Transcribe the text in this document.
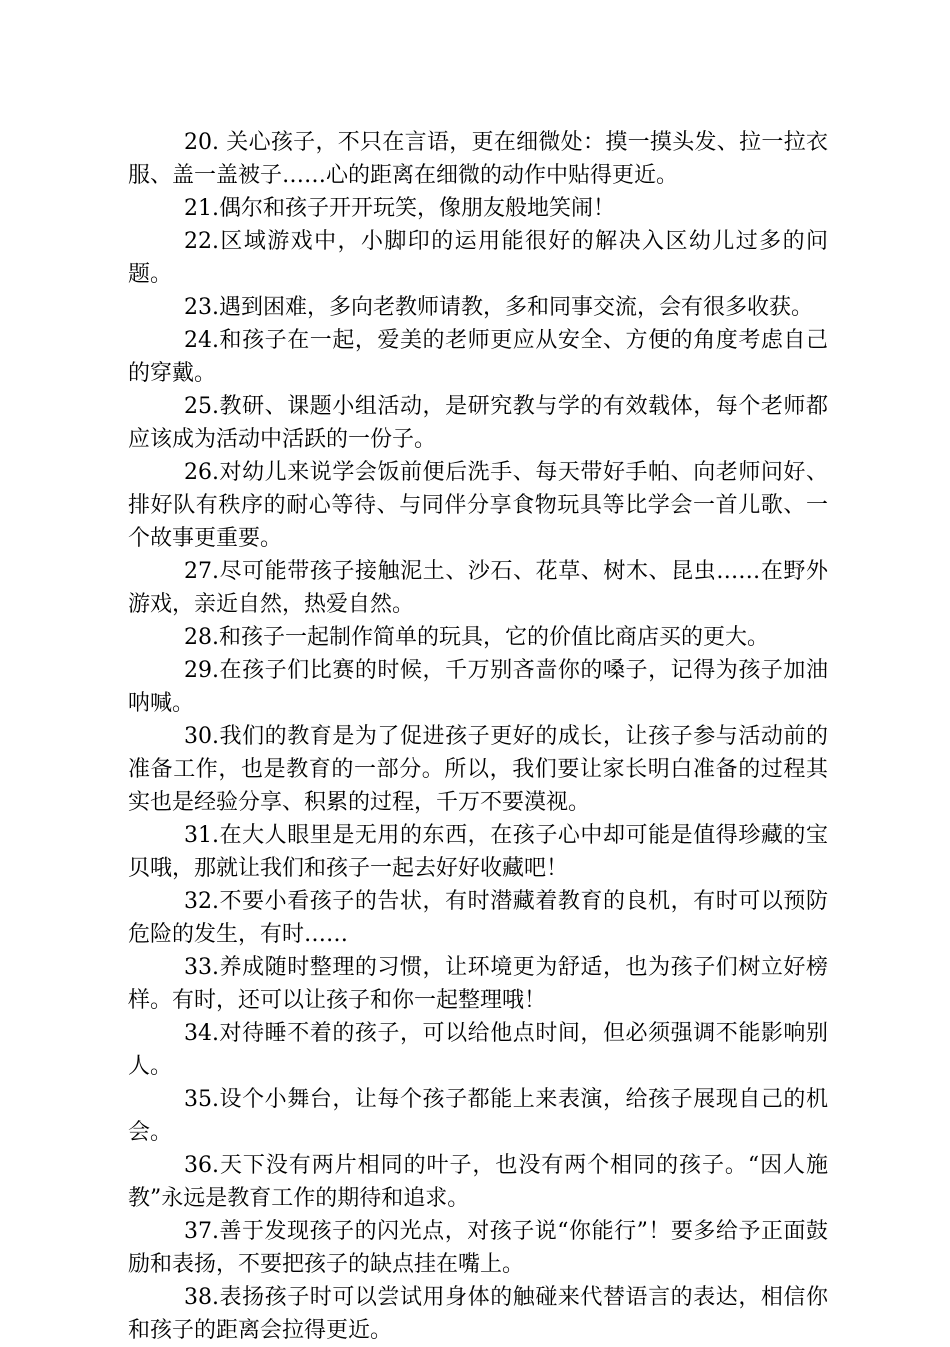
20. 关心孩子，不只在言语，更在细微处：摸一摸头发、拉一拉衣服、盖一盖被子……心的距离在细微的动作中贴得更近。

21.偶尔和孩子开开玩笑，像朋友般地笑闹！

22.区域游戏中，小脚印的运用能很好的解决入区幼儿过多的问题。

23.遇到困难，多向老教师请教，多和同事交流，会有很多收获。

24.和孩子在一起，爱美的老师更应从安全、方便的角度考虑自己的穿戴。

25.教研、课题小组活动，是研究教与学的有效载体，每个老师都应该成为活动中活跃的一份子。

26.对幼儿来说学会饭前便后洗手、每天带好手帕、向老师问好、排好队有秩序的耐心等待、与同伴分享食物玩具等比学会一首儿歌、一个故事更重要。

27.尽可能带孩子接触泥土、沙石、花草、树木、昆虫……在野外游戏，亲近自然，热爱自然。

28.和孩子一起制作简单的玩具，它的价值比商店买的更大。

29.在孩子们比赛的时候，千万别吝啬你的嗓子，记得为孩子加油呐喊。

30.我们的教育是为了促进孩子更好的成长，让孩子参与活动前的准备工作，也是教育的一部分。所以，我们要让家长明白准备的过程其实也是经验分享、积累的过程，千万不要漠视。

31.在大人眼里是无用的东西，在孩子心中却可能是值得珍藏的宝贝哦，那就让我们和孩子一起去好好收藏吧！

32.不要小看孩子的告状，有时潜藏着教育的良机，有时可以预防危险的发生，有时……

33.养成随时整理的习惯，让环境更为舒适，也为孩子们树立好榜样。有时，还可以让孩子和你一起整理哦！

34.对待睡不着的孩子，可以给他点时间，但必须强调不能影响别人。

35.设个小舞台，让每个孩子都能上来表演，给孩子展现自己的机会。

36.天下没有两片相同的叶子，也没有两个相同的孩子。“因人施教”永远是教育工作的期待和追求。

37.善于发现孩子的闪光点，对孩子说“你能行”！要多给予正面鼓励和表扬，不要把孩子的缺点挂在嘴上。

38.表扬孩子时可以尝试用身体的触碰来代替语言的表达，相信你和孩子的距离会拉得更近。
